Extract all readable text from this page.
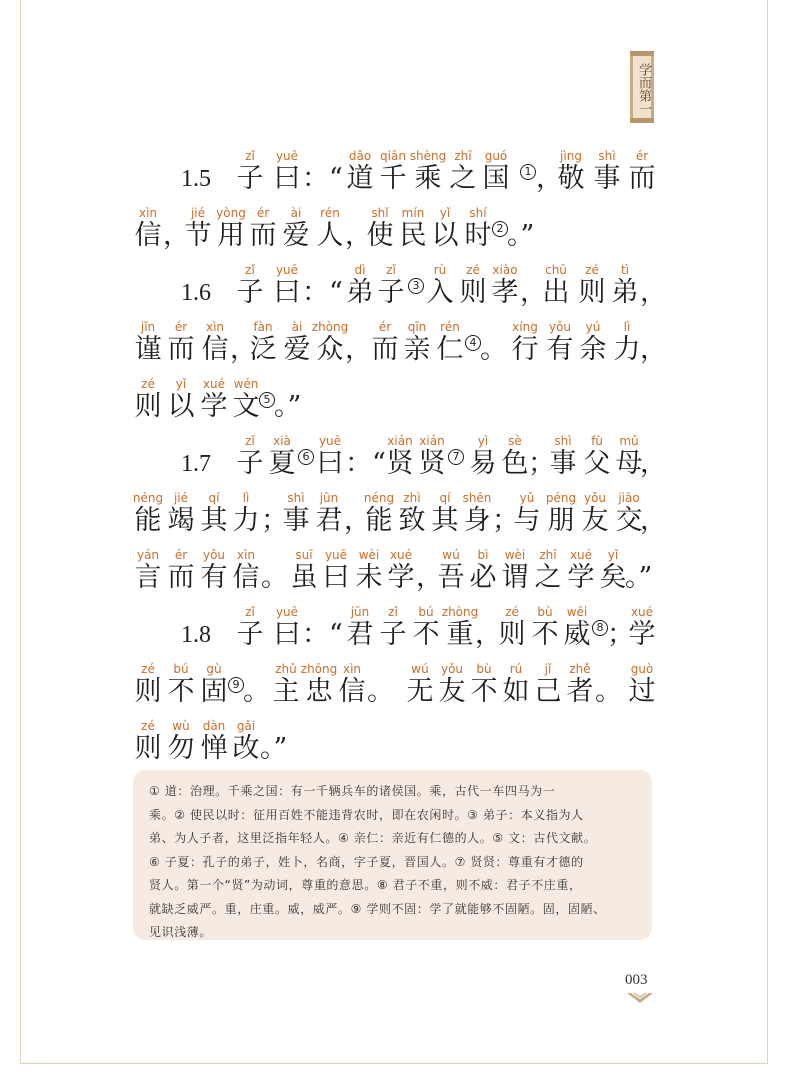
学而第一
1.5 子
zǐ
曰
yuē
：“ 道
dǎo
千
qiān
乘
shèng
之
zhī
国
guó
1 ，
敬
jìng
事
shì
而
ér
信
xìn
，
节
jié
用
yòng
而
ér
爱
ài
人
rén
，
使
shǐ
民
mín
以
yǐ
时
shí
2 。”
1.6 子
zǐ
曰
yuē
：“ 弟
dì
子
zǐ
3 入
rù
则
zé
孝
xiào
，
出
chū
则
zé
弟
tì
，
谨
jǐn
而
ér
信
xìn
，
泛
fàn
爱
ài
众
zhòng
， 而
ér
亲
qīn
仁
rén
4 。 行
xíng
有
yǒu
余
yú
力
lì
，
则
zé
以
yǐ
学
xué
文
wén
5 。”
1.7 子
zǐ
夏
xià
6 曰
yuē
：“ 贤
xián
贤
xián
7 易
yì
色
sè
；
事
shì
父
fù
母
mǔ
，
能
néng
竭
jié
其
qí
力
lì
；
事
shì
君
jūn
，
能
néng
致
zhì
其
qí
身
shēn
；
与
yǔ
朋
péng
友
yǒu
交
jiāo
，
言
yán
而
ér
有
yǒu
信
xìn
。 虽
suī
曰
yuē
未
wèi
学
xué
，
吾
wú
必
bì
谓
wèi
之
zhī
学
xué
矣
yǐ
。”
1.8 子
zǐ
曰
yuē
：“ 君
jūn
子
zǐ
不
bú
重
zhòng
，
则
zé
不
bù
威
wēi
8 ；
学
xué
则
zé
不
bú
固
gù
9 。 主
zhǔ
忠
zhōng
信
xìn
。 无
wú
友
yǒu
不
bù
如
rú
己
jǐ
者
zhě
。 过
guò
则
zé
勿
wù
惮
dàn
改
gǎi
。”

① 道：治理。千乘之国：有一千辆兵车的诸侯国。乘，古代一车四马为一

乘。② 使民以时：征用百姓不能违背农时，即在农闲时。③ 弟子：本义指为人

弟、为人子者，这里泛指年轻人。④ 亲仁：亲近有仁德的人。⑤ 文：古代文献。

⑥ 子夏：孔子的弟子，姓卜，名商，字子夏，晋国人。⑦ 贤贤：尊重有才德的

贤人。第一个“贤”为动词，尊重的意思。⑧ 君子不重，则不威：君子不庄重，

就缺乏威严。重，庄重。威，威严。⑨ 学则不固：学了就能够不固陋。固，固陋、

见识浅薄。

003
